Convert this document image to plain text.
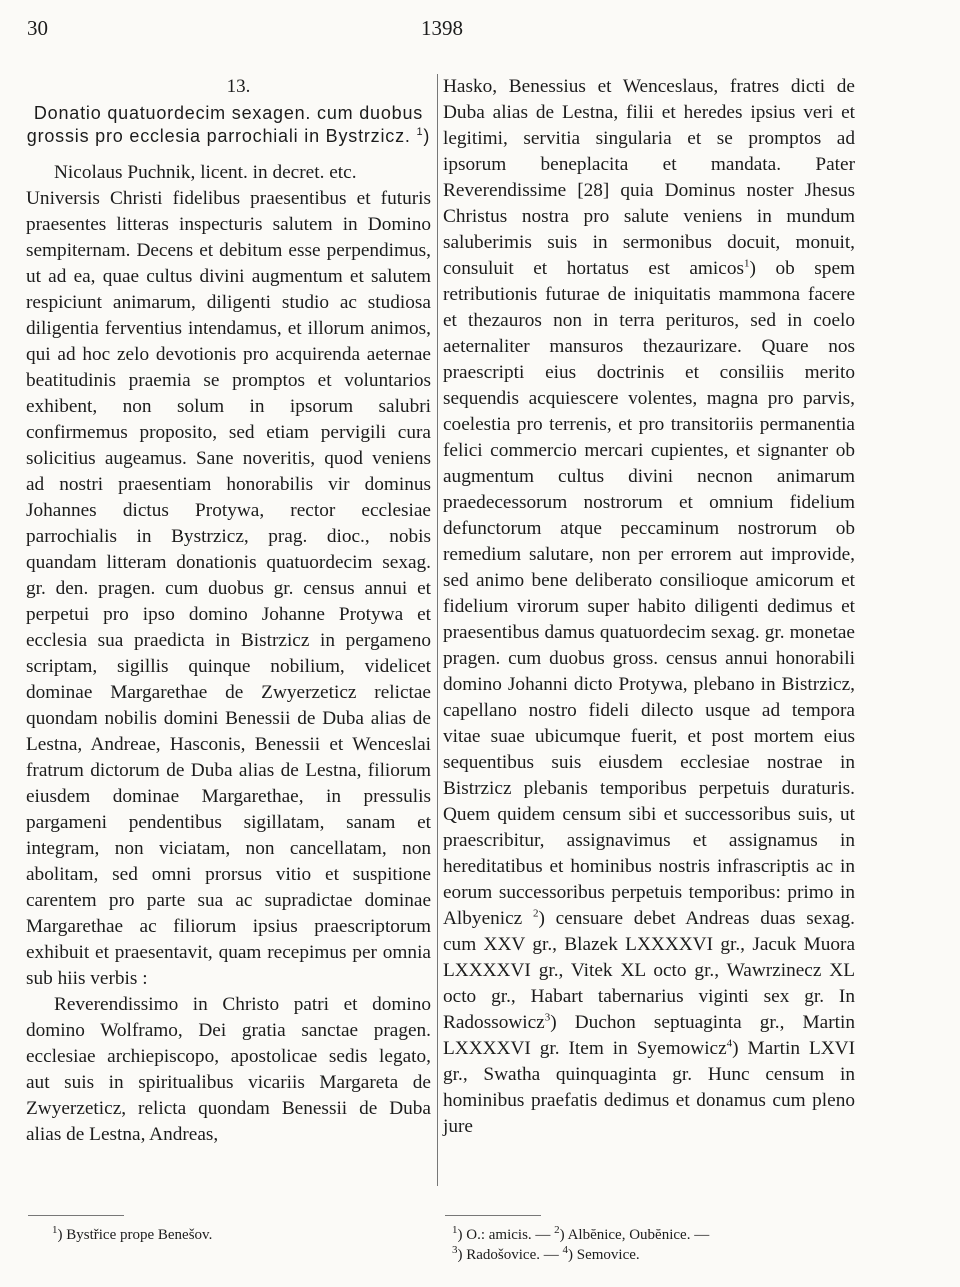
30	1398
13.
Donatio quatuordecim sexagen. cum duobus grossis pro ecclesia parrochiali in Bystrzicz. $^1$)

Nicolaus Puchnik, licent. in decret. etc.

Universis Christi fidelibus praesentibus et futuris praesentes litteras inspecturis salutem in Domino sempiternam. Decens et debitum esse perpendimus, ut ad ea, quae cultus divini augmentum et salutem respiciunt animarum, diligenti studio ac studiosa diligentia ferventius intendamus, et illorum animos, qui ad hoc zelo devotionis pro acquirenda aeternae beatitudinis praemia se promptos et voluntarios exhibent, non solum in ipsorum salubri confirmemus proposito, sed etiam pervigili cura solicitius augeamus. Sane noveritis, quod veniens ad nostri praesentiam honorabilis vir dominus Johannes dictus Protywa, rector ecclesiae parrochialis in Bystrzicz, prag. dioc., nobis quandam litteram donationis quatuordecim sexag. gr. den. pragen. cum duobus gr. census annui et perpetui pro ipso domino Johanne Protywa et ecclesia sua praedicta in Bistrzicz in pergameno scriptam, sigillis quinque nobilium, videlicet dominae Margarethae de Zwyerzeticz relictae quondam nobilis domini Benessii de Duba alias de Lestna, Andreae, Hasconis, Benessii et Wenceslai fratrum dictorum de Duba alias de Lestna, filiorum eiusdem dominae Margarethae, in pressulis pargameni pendentibus sigillatam, sanam et integram, non viciatam, non cancellatam, non abolitam, sed omni prorsus vitio et suspitione carentem pro parte sua ac supradictae dominae Margarethae ac filiorum ipsius praescriptorum exhibuit et praesentavit, quam recepimus per omnia sub hiis verbis :

Reverendissimo in Christo patri et domino domino Wolframo, Dei gratia sanctae pragen. ecclesiae archiepiscopo, apostolicae sedis legato, aut suis in spiritualibus vicariis Margareta de Zwyerzeticz, relicta quondam Benessii de Duba alias de Lestna, Andreas,

Hasko, Benessius et Wenceslaus, fratres dicti de Duba alias de Lestna, filii et heredes ipsius veri et legitimi, servitia singularia et se promptos ad ipsorum beneplacita et mandata. Pater Reverendissime [28] quia Dominus noster Jhesus Christus nostra pro salute veniens in mundum saluberimis suis in sermonibus docuit, monuit, consuluit et hortatus est amicos$^1$) ob spem retributionis futurae de iniquitatis mammona facere et thezauros non in terra perituros, sed in coelo aeternaliter mansuros thezaurizare. Quare nos praescripti eius doctrinis et consiliis merito sequendis acquiescere volentes, magna pro parvis, coelestia pro terrenis, et pro transitoriis permanentia felici commercio mercari cupientes, et signanter ob augmentum cultus divini necnon animarum praedecessorum nostrorum et omnium fidelium defunctorum atque peccaminum nostrorum ob remedium salutare, non per errorem aut improvide, sed animo bene deliberato consilioque amicorum et fidelium virorum super habito diligenti dedimus et praesentibus damus quatuordecim sexag. gr. monetae pragen. cum duobus gross. census annui honorabili domino Johanni dicto Protywa, plebano in Bistrzicz, capellano nostro fideli dilecto usque ad tempora vitae suae ubicumque fuerit, et post mortem eius sequentibus suis eiusdem ecclesiae nostrae in Bistrzicz plebanis temporibus perpetuis duraturis. Quem quidem censum sibi et successoribus suis, ut praescribitur, assignavimus et assignamus in hereditatibus et hominibus nostris infrascriptis ac in eorum successoribus perpetuis temporibus: primo in Albyenicz $^2$) censuare debet Andreas duas sexag. cum XXV gr., Blazek LXXXXVI gr., Jacuk Muora LXXXXVI gr., Vitek XL octo gr., Wawrzinecz XL octo gr., Habart tabernarius viginti sex gr. In Radossowicz$^3$) Duchon septuaginta gr., Martin LXXXXVI gr. Item in Syemowicz$^4$) Martin LXVI gr., Swatha quinquaginta gr. Hunc censum in hominibus praefatis dedimus et donamus cum pleno jure

$^1$) Bystřice prope Benešov.	$^1$) O.: amicis. — $^2$) Albĕnice, Oubĕnice. —
$^3$) Radošovice. — $^4$) Semovice.
